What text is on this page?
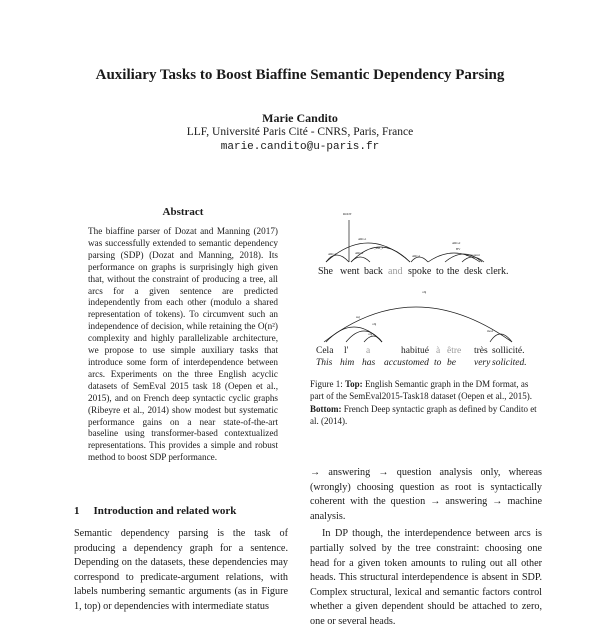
Auxiliary Tasks to Boost Biaffine Semantic Dependency Parsing
Marie Candito
LLF, Université Paris Cité - CNRS, Paris, France
marie.candito@u-paris.fr
Abstract

The biaffine parser of Dozat and Manning (2017) was successfully extended to semantic dependency parsing (SDP) (Dozat and Manning, 2018). Its performance on graphs is surprisingly high given that, without the constraint of producing a tree, all arcs for a given sentence are predicted independently from each other (modulo a shared representation of tokens). To circumvent such an independence of decision, while retaining the O(n²) complexity and highly parallelizable architecture, we propose to use simple auxiliary tasks that introduce some form of interdependence between arcs. Experiments on the three English acyclic datasets of SemEval 2015 task 18 (Oepen et al., 2015), and on French deep syntactic cyclic graphs (Ribeyre et al., 2014) show modest but systematic performance gains on a near state-of-the-art baseline using transformer-based contextualized representations. This provides a simple and robust method to boost SDP performance.

1 Introduction and related work

Semantic dependency parsing is the task of producing a dependency graph for a sentence. Depending on the datasets, these dependencies may correspond to predicate-argument relations, with labels numbering semantic arguments (as in Figure 1, top) or dependencies with intermediate status

ROOT
ARG1
ARG1
ARG1
_and_c
ARG1
ARG2
BV
compound
She went back and spoke to the desk clerk.
obj
suj
obj
obj
mod
Cela l' a	habitué à être très sollicité.
This him has accustomed to be very solicited.

Figure 1: Top: English Semantic graph in the DM format, as part of the SemEval2015-Task18 dataset (Oepen et al., 2015). Bottom: French Deep syntactic graph as defined by Candito et al. (2014).

→ answering → question analysis only, whereas (wrongly) choosing question as root is syntactically coherent with the question → answering → machine analysis.

In DP though, the interdependence between arcs is partially solved by the tree constraint: choosing one head for a given token amounts to ruling out all other heads. This structural interdependence is absent in SDP. Complex structural, lexical and semantic factors control whether a given dependent should be attached to zero, one or several heads.
